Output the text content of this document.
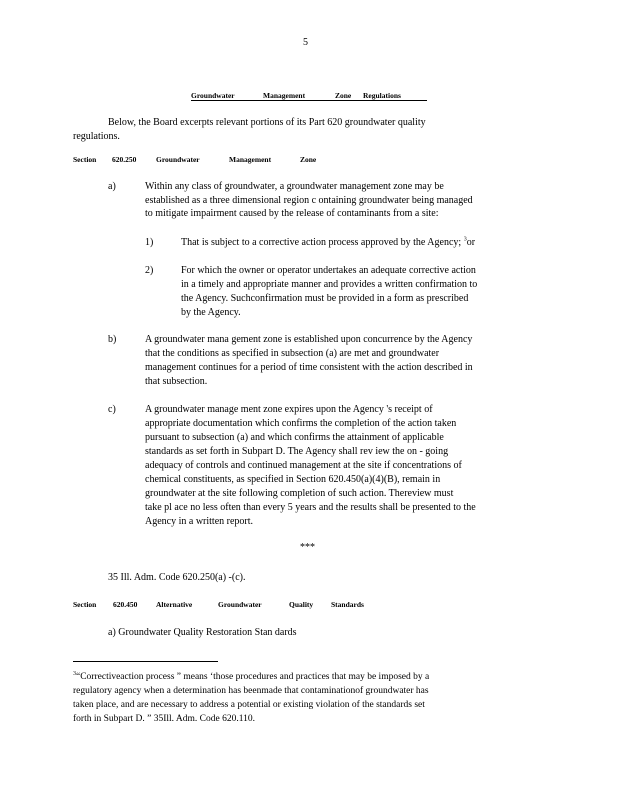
5
Groundwater	Management	Zone Regulations
Below, the Board excerpts relevant portions of its Part 620 groundwater quality
regulations.
Section 620.250	Groundwater	Management	Zone
a)	Within any class of groundwater, a groundwater management zone may be
established as a three dimensional region c ontaining groundwater being managed
to mitigate impairment caused by the release of contaminants from a site:
1)	That is subject to a corrective action process approved by the Agency; $^3$or
2)	For which the owner or operator undertakes an adequate corrective action
in a timely and appropriate manner and provides a written confirmation to
the Agency. Suchconfirmation must be provided in a form as prescribed
by the Agency.
b)	A groundwater mana gement zone is established upon concurrence by the Agency
that the conditions as specified in subsection (a) are met and groundwater
management continues for a period of time consistent with the action described in
that subsection.
c)	A groundwater manage ment zone expires upon the Agency 's receipt of
appropriate documentation which confirms the completion of the action taken
pursuant to subsection (a) and which confirms the attainment of applicable
standards as set forth in Subpart D. The Agency shall rev iew the on - going
adequacy of controls and continued management at the site if concentrations of
chemical constituents, as specified in Section 620.450(a)(4)(B), remain in
groundwater at the site following completion of such action. Thereview must
take pl ace no less often than every 5 years and the results shall be presented to the
Agency in a written report.
***
35 Ill. Adm. Code 620.250(a) -(c).
Section 620.450 Alternative	Groundwater	Quality Standards
a) Groundwater Quality Restoration Stan dards
$^3$“Correctiveaction process ” means ‘those procedures and practices that may be imposed by a
regulatory agency when a determination has beenmade that contaminationof groundwater has
taken place, and are necessary to address a potential or existing violation of the standards set
forth in Subpart D. ” 35Ill. Adm. Code 620.110.
